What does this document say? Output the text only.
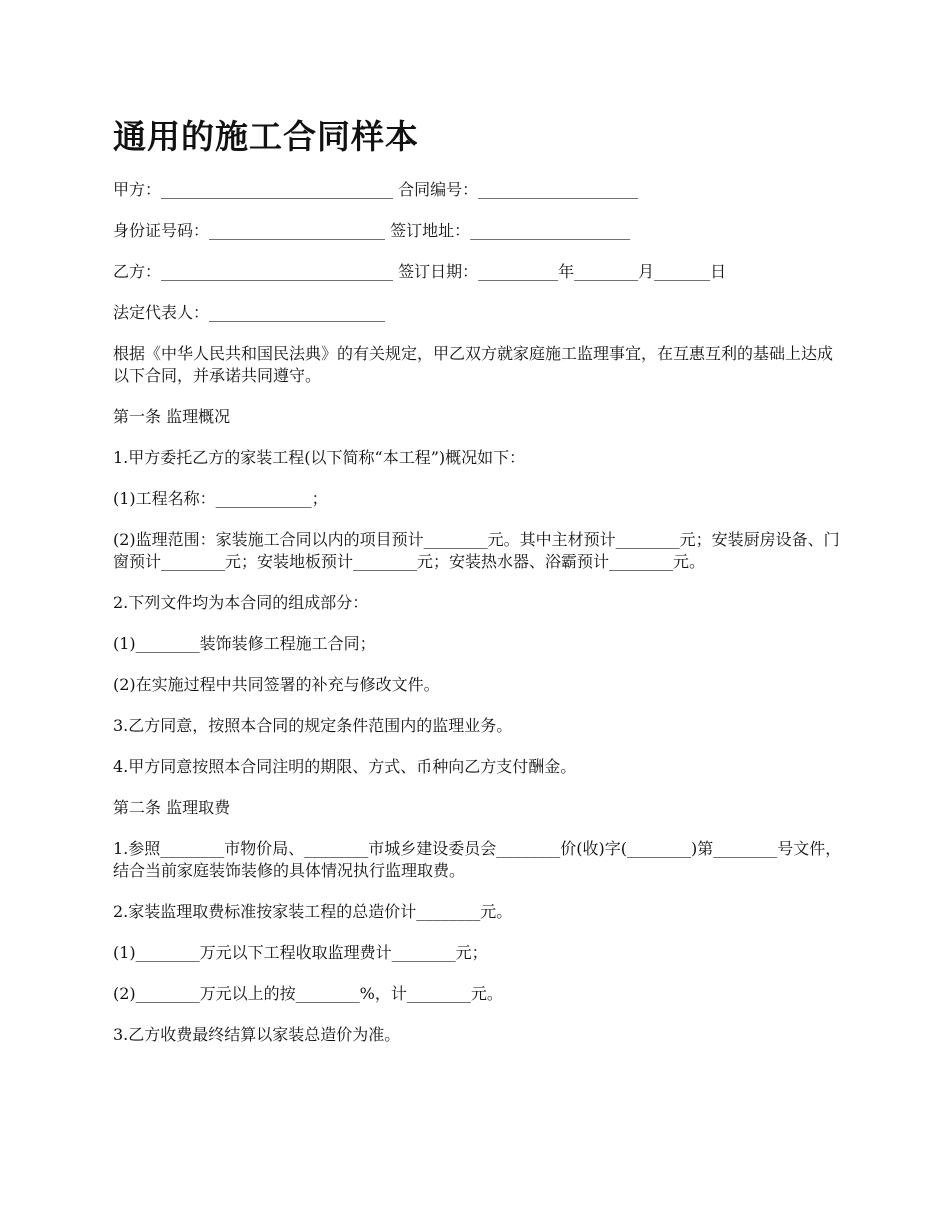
通用的施工合同样本
甲方：_____________________________ 合同编号：____________________
身份证号码：______________________ 签订地址：____________________
乙方：_____________________________ 签订日期：__________年________月_______日
法定代表人：______________________

根据《中华人民共和国民法典》的有关规定，甲乙双方就家庭施工监理事宜，在互惠互利的基础上达成以下合同，并承诺共同遵守。

第一条 监理概况

1.甲方委托乙方的家装工程(以下简称“本工程”)概况如下：

(1)工程名称：____________；

(2)监理范围：家装施工合同以内的项目预计________元。其中主材预计________元；安装厨房设备、门窗预计________元；安装地板预计________元；安装热水器、浴霸预计________元。

2.下列文件均为本合同的组成部分：

(1)________装饰装修工程施工合同；

(2)在实施过程中共同签署的补充与修改文件。

3.乙方同意，按照本合同的规定条件范围内的监理业务。

4.甲方同意按照本合同注明的期限、方式、币种向乙方支付酬金。

第二条 监理取费

1.参照________市物价局、________市城乡建设委员会________价(收)字(________)第________号文件，结合当前家庭装饰装修的具体情况执行监理取费。

2.家装监理取费标准按家装工程的总造价计________元。

(1)________万元以下工程收取监理费计________元；

(2)________万元以上的按________%，计________元。

3.乙方收费最终结算以家装总造价为准。
